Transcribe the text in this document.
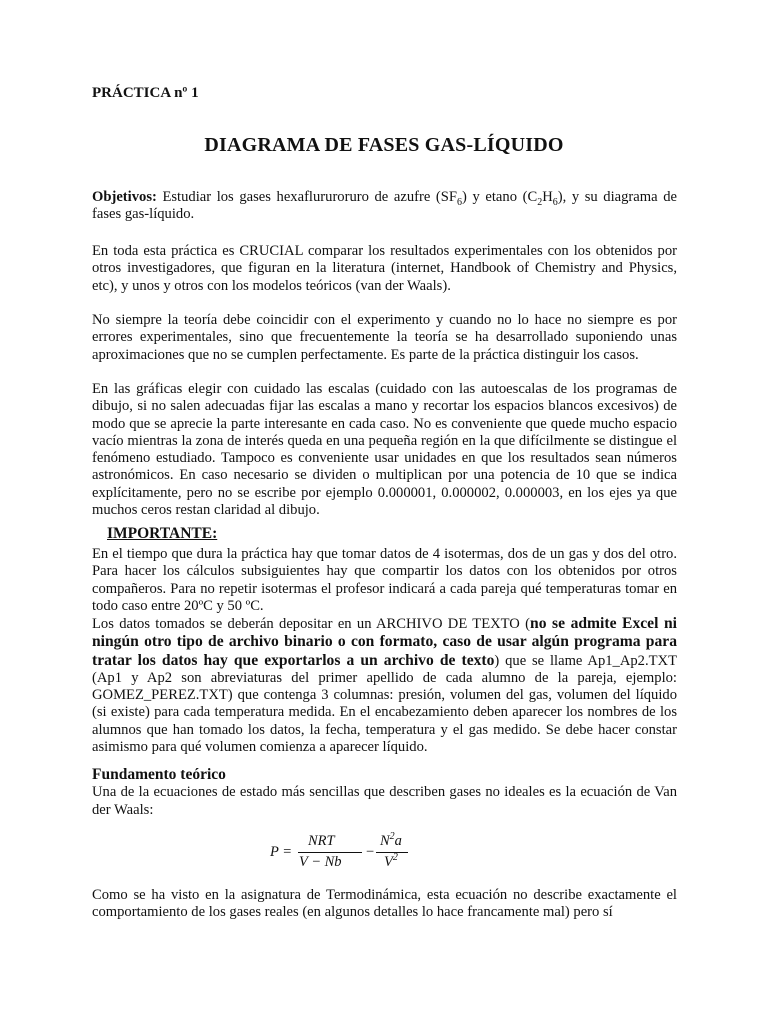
PRÁCTICA nº 1

DIAGRAMA DE FASES GAS-LÍQUIDO

Objetivos: Estudiar los gases hexaflururoruro de azufre $(SF_6)$ y etano $(C_2H_6)$, y su diagrama de fases gas-líquido.

En toda esta práctica es CRUCIAL comparar los resultados experimentales con los obtenidos por otros investigadores, que figuran en la literatura (internet, Handbook of Chemistry and Physics, etc), y unos y otros con los modelos teóricos (van der Waals).

No siempre la teoría debe coincidir con el experimento y cuando no lo hace no siempre es por errores experimentales, sino que frecuentemente la teoría se ha desarrollado suponiendo unas aproximaciones que no se cumplen perfectamente. Es parte de la práctica distinguir los casos.

En las gráficas elegir con cuidado las escalas (cuidado con las autoescalas de los programas de dibujo, si no salen adecuadas fijar las escalas a mano y recortar los espacios blancos excesivos) de modo que se aprecie la parte interesante en cada caso. No es conveniente que quede mucho espacio vacío mientras la zona de interés queda en una pequeña región en la que difícilmente se distingue el fenómeno estudiado. Tampoco es conveniente usar unidades en que los resultados sean números astronómicos. En caso necesario se dividen o multiplican por una potencia de 10 que se indica explícitamente, pero no se escribe por ejemplo 0.000001, 0.000002, 0.000003, en los ejes ya que muchos ceros restan claridad al dibujo.

IMPORTANTE:

En el tiempo que dura la práctica hay que tomar datos de 4 isotermas, dos de un gas y dos del otro. Para hacer los cálculos subsiguientes hay que compartir los datos con los obtenidos por otros compañeros. Para no repetir isotermas el profesor indicará a cada pareja qué temperaturas tomar en todo caso entre 20ºC y 50 ºC.

Los datos tomados se deberán depositar en un ARCHIVO DE TEXTO (no se admite Excel ni ningún otro tipo de archivo binario o con formato, caso de usar algún programa para tratar los datos hay que exportarlos a un archivo de texto) que se llame Ap1_Ap2.TXT (Ap1 y Ap2 son abreviaturas del primer apellido de cada alumno de la pareja, ejemplo: GOMEZ_PEREZ.TXT) que contenga 3 columnas: presión, volumen del gas, volumen del líquido (si existe) para cada temperatura medida. En el encabezamiento deben aparecer los nombres de los alumnos que han tomado los datos, la fecha, temperatura y el gas medido. Se debe hacer constar asimismo para qué volumen comienza a aparecer líquido.

Fundamento teórico
Una de la ecuaciones de estado más sencillas que describen gases no ideales es la ecuación de Van der Waals:

P =
NRT
V − Nb
−
$N^2a$
$V^2$

Como se ha visto en la asignatura de Termodinámica, esta ecuación no describe exactamente el comportamiento de los gases reales (en algunos detalles lo hace francamente mal) pero sí
